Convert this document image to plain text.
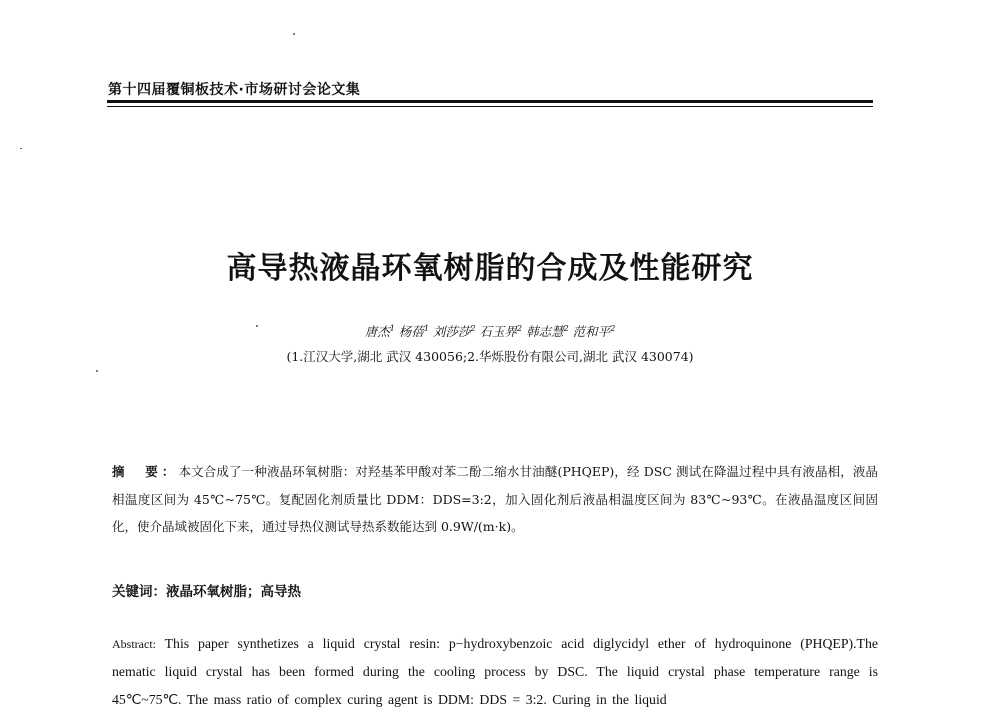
第十四届覆铜板技术·市场研讨会论文集
高导热液晶环氧树脂的合成及性能研究
唐杰$^1$ 杨蓓$^1$ 刘莎莎$^2$ 石玉界$^2$ 韩志慧$^2$ 范和平$^2$
(1.江汉大学,湖北 武汉 430056;2.华烁股份有限公司,湖北 武汉 430074)
摘　要：本文合成了一种液晶环氧树脂：对羟基苯甲酸对苯二酚二缩水甘油醚(PHQEP)，经 DSC 测试在降温过程中具有液晶相，液晶相温度区间为 45℃~75℃。复配固化剂质量比 DDM：DDS=3:2，加入固化剂后液晶相温度区间为 83℃~93℃。在液晶温度区间固化，使介晶域被固化下来，通过导热仪测试导热系数能达到 0.9W/(m·k)。
关键词：液晶环氧树脂；高导热
Abstract: This paper synthetizes a liquid crystal resin: p−hydroxybenzoic acid diglycidyl ether of hydroquinone (PHQEP).The nematic liquid crystal has been formed during the cooling process by DSC. The liquid crystal phase temperature range is 45℃~75℃. The mass ratio of complex curing agent is DDM: DDS = 3:2. Curing in the liquid
